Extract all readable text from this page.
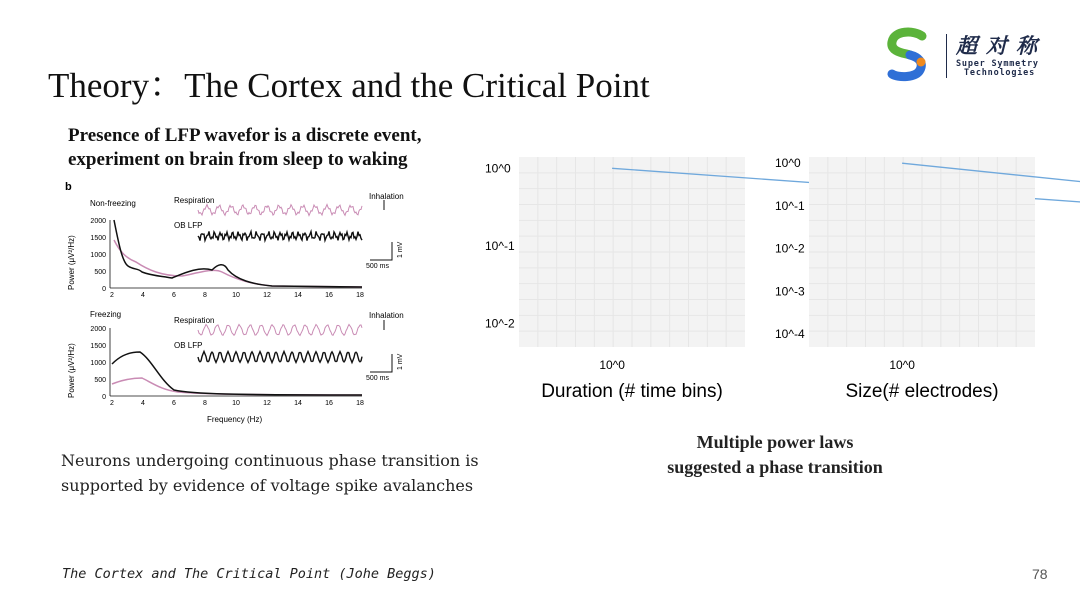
Theory：The Cortex and the Critical Point
超对称
Super Symmetry
Technologies
Presence of LFP wavefor is a discrete event,
experiment on brain from sleep to waking
b
Non-freezing	Respiration
OB LFP
Inhalation
500 ms
1 mV
Power (μV²/Hz)
2000
1500
1000
500
0
2	4	6	8	10	12	14	16	18
Freezing
Respiration
OB LFP
Inhalation
500 ms
1 mV
Power (μV²/Hz)
2000
1500
1000
500
0
2	4	6	8	10	12	14	16	18
Frequency (Hz)
10^0
10^-1
10^-2
10^0
Duration (# time bins)
10^0
10^-1
10^-2
10^-3
10^-4
10^0
Size(# electrodes)
Multiple power laws
suggested a phase transition
Neurons undergoing continuous phase transition is supported by evidence of voltage spike avalanches
The Cortex and The Critical Point (Johe Beggs)	78
